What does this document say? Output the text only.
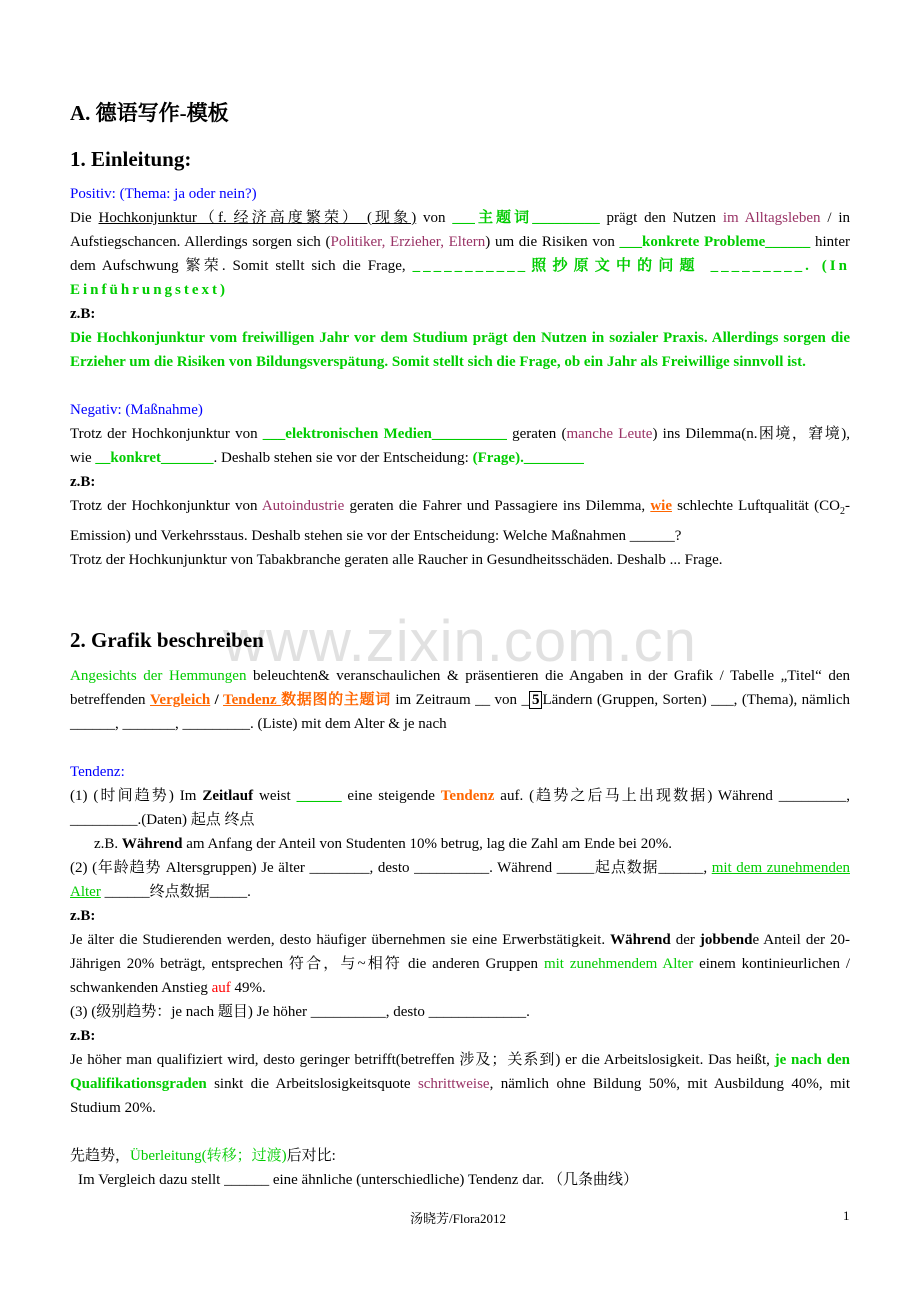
www.zixin.com.cn
A. 德语写作-模板
1. Einleitung:

Positiv: (Thema: ja oder nein?)

Die Hochkonjunktur（f. 经济高度繁荣） (现象) von ___主题词_________ prägt den Nutzen im Alltagsleben / in Aufstiegschancen. Allerdings sorgen sich (Politiker, Erzieher, Eltern) um die Risiken von ___konkrete Probleme______ hinter dem Aufschwung 繁荣. Somit stellt sich die Frage, ___________照抄原文中的问题 _________. (In Einführungstext)

z.B:

Die Hochkonjunktur vom freiwilligen Jahr vor dem Studium prägt den Nutzen in sozialer Praxis. Allerdings sorgen die Erzieher um die Risiken von Bildungsverspätung. Somit stellt sich die Frage, ob ein Jahr als Freiwillige sinnvoll ist.

Negativ: (Maßnahme)

Trotz der Hochkonjunktur von ___elektronischen Medien__________ geraten (manche Leute) ins Dilemma(n.困境，窘境), wie __konkret_______. Deshalb stehen sie vor der Entscheidung: (Frage).________

z.B:

Trotz der Hochkonjunktur von Autoindustrie geraten die Fahrer und Passagiere ins Dilemma, wie schlechte Luftqualität $(CO_2-Emission)$ und Verkehrsstaus. Deshalb stehen sie vor der Entscheidung: Welche Maßnahmen ______?

Trotz der Hochkunjunktur von Tabakbranche geraten alle Raucher in Gesundheitsschäden. Deshalb ... Frage.

2. Grafik beschreiben

Angesichts der Hemmungen beleuchten& veranschaulichen & präsentieren die Angaben in der Grafik / Tabelle „Titel“ den betreffenden Vergleich / Tendenz 数据图的主题词 im Zeitraum __ von _ 5 Ländern (Gruppen, Sorten) ___, (Thema), nämlich ______, _______, _________. (Liste) mit dem Alter & je nach

Tendenz:

(1) (时间趋势) Im Zeitlauf weist ______ eine steigende Tendenz auf. (趋势之后马上出现数据) Während _________, _________.(Daten) 起点 终点

z.B. Während am Anfang der Anteil von Studenten 10% betrug, lag die Zahl am Ende bei 20%.

(2) (年龄趋势 Altersgruppen) Je älter ________, desto __________. Während _____起点数据______, mit dem zunehmenden Alter ______终点数据_____.

z.B:

Je älter die Studierenden werden, desto häufiger übernehmen sie eine Erwerbstätigkeit. Während der jobbende Anteil der 20-Jährigen 20% beträgt, entsprechen 符合，与~相符 die anderen Gruppen mit zunehmendem Alter einem kontinieurlichen / schwankenden Anstieg auf 49%.

(3) (级别趋势：je nach 题目) Je höher __________, desto _____________.

z.B:

Je höher man qualifiziert wird, desto geringer betrifft(betreffen 涉及；关系到) er die Arbeitslosigkeit. Das heißt, je nach den Qualifikationsgraden sinkt die Arbeitslosigkeitsquote schrittweise, nämlich ohne Bildung 50%, mit Ausbildung 40%, mit Studium 20%.

先趋势，Überleitung(转移；过渡)后对比:

Im Vergleich dazu stellt ______ eine ähnliche (unterschiedliche) Tendenz dar. （几条曲线）

汤晓芳/Flora2012	1
